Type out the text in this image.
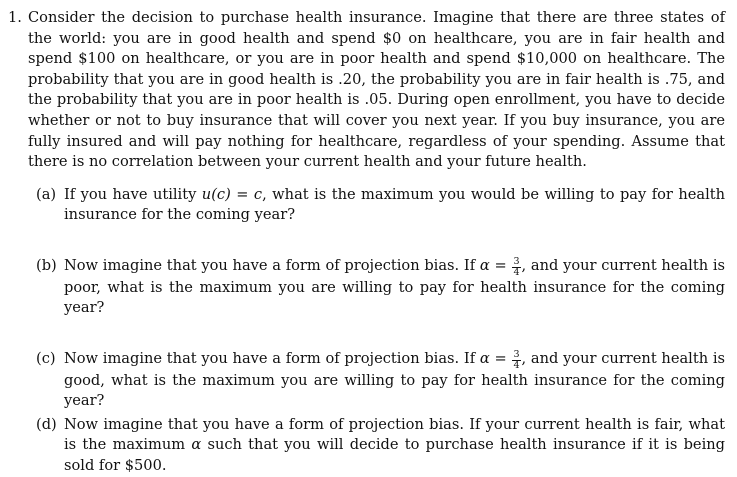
1. Consider the decision to purchase health insurance. Imagine that there are three states of the world: you are in good health and spend $0 on healthcare, you are in fair health and spend $100 on healthcare, or you are in poor health and spend $10,000 on healthcare. The probability that you are in good health is .20, the probability you are in fair health is .75, and the probability that you are in poor health is .05. During open enrollment, you have to decide whether or not to buy insurance that will cover you next year. If you buy insurance, you are fully insured and will pay nothing for healthcare, regardless of your spending. Assume that there is no correlation between your current health and your future health.

(a) If you have utility u(c) = c, what is the maximum you would be willing to pay for health insurance for the coming year?

(b) Now imagine that you have a form of projection bias. If $\alpha = \frac{3}{4}$ , and your current health is poor, what is the maximum you are willing to pay for health insurance for the coming year?

(c) Now imagine that you have a form of projection bias. If $\alpha = \frac{3}{4}$ , and your current health is good, what is the maximum you are willing to pay for health insurance for the coming year?

(d) Now imagine that you have a form of projection bias. If your current health is fair, what is the maximum α such that you will decide to purchase health insurance if it is being sold for $500.
